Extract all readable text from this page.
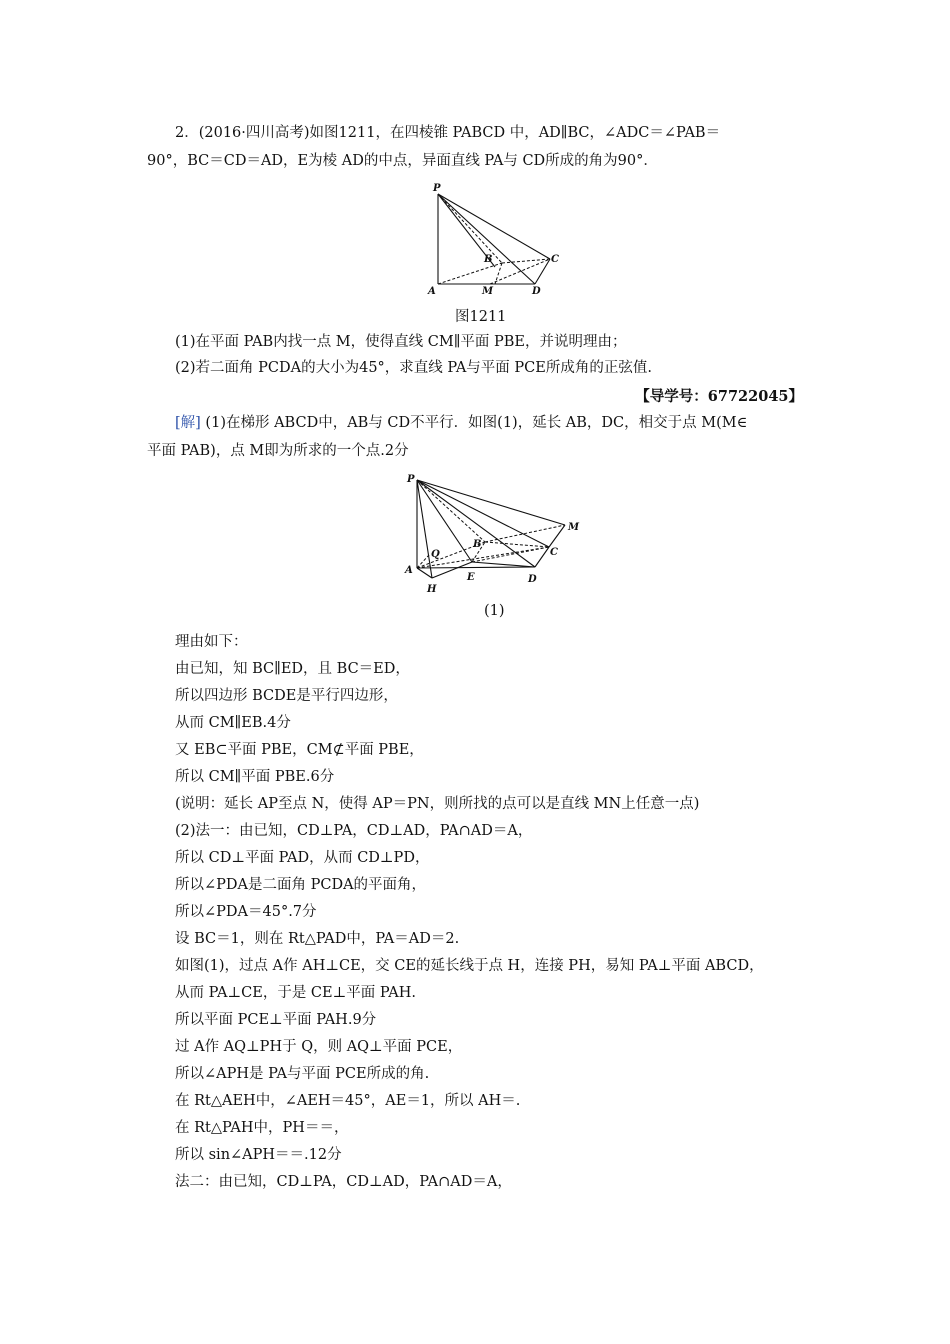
2．(2016·四川高考)如图1211，在四棱锥 PABCD 中，AD∥BC，∠ADC＝∠PAB＝
90°，BC＝CD＝AD，E为棱 AD的中点，异面直线 PA与 CD所成的角为90°．
P
A	M	D
B	C
图1211
(1)在平面 PAB内找一点 M，使得直线 CM∥平面 PBE，并说明理由；
(2)若二面角 PCDA的大小为45°，求直线 PA与平面 PCE所成角的正弦值.
【导学号：67722045】
[解] (1)在梯形 ABCD中，AB与 CD不平行．如图(1)，延长 AB，DC，相交于点 M(M∈
平面 PAB)，点 M即为所求的一个点.2分
P
A
H
Q
E
B
D
C
M
(1)
理由如下：
由已知，知 BC∥ED，且 BC＝ED，
所以四边形 BCDE是平行四边形，
从而 CM∥EB.4分
又 EB⊂平面 PBE，CM⊄平面 PBE，
所以 CM∥平面 PBE.6分
(说明：延长 AP至点 N，使得 AP＝PN，则所找的点可以是直线 MN上任意一点)
(2)法一：由已知，CD⊥PA，CD⊥AD，PA∩AD＝A，
所以 CD⊥平面 PAD，从而 CD⊥PD，
所以∠PDA是二面角 PCDA的平面角，
所以∠PDA＝45°.7分
设 BC＝1，则在 Rt△PAD中，PA＝AD＝2.
如图(1)，过点 A作 AH⊥CE，交 CE的延长线于点 H，连接 PH，易知 PA⊥平面 ABCD，
从而 PA⊥CE，于是 CE⊥平面 PAH.
所以平面 PCE⊥平面 PAH.9分
过 A作 AQ⊥PH于 Q，则 AQ⊥平面 PCE，
所以∠APH是 PA与平面 PCE所成的角.
在 Rt△AEH中，∠AEH＝45°，AE＝1，所以 AH＝.
在 Rt△PAH中，PH＝＝，
所以 sin∠APH＝＝.12分
法二：由已知，CD⊥PA，CD⊥AD，PA∩AD＝A，
